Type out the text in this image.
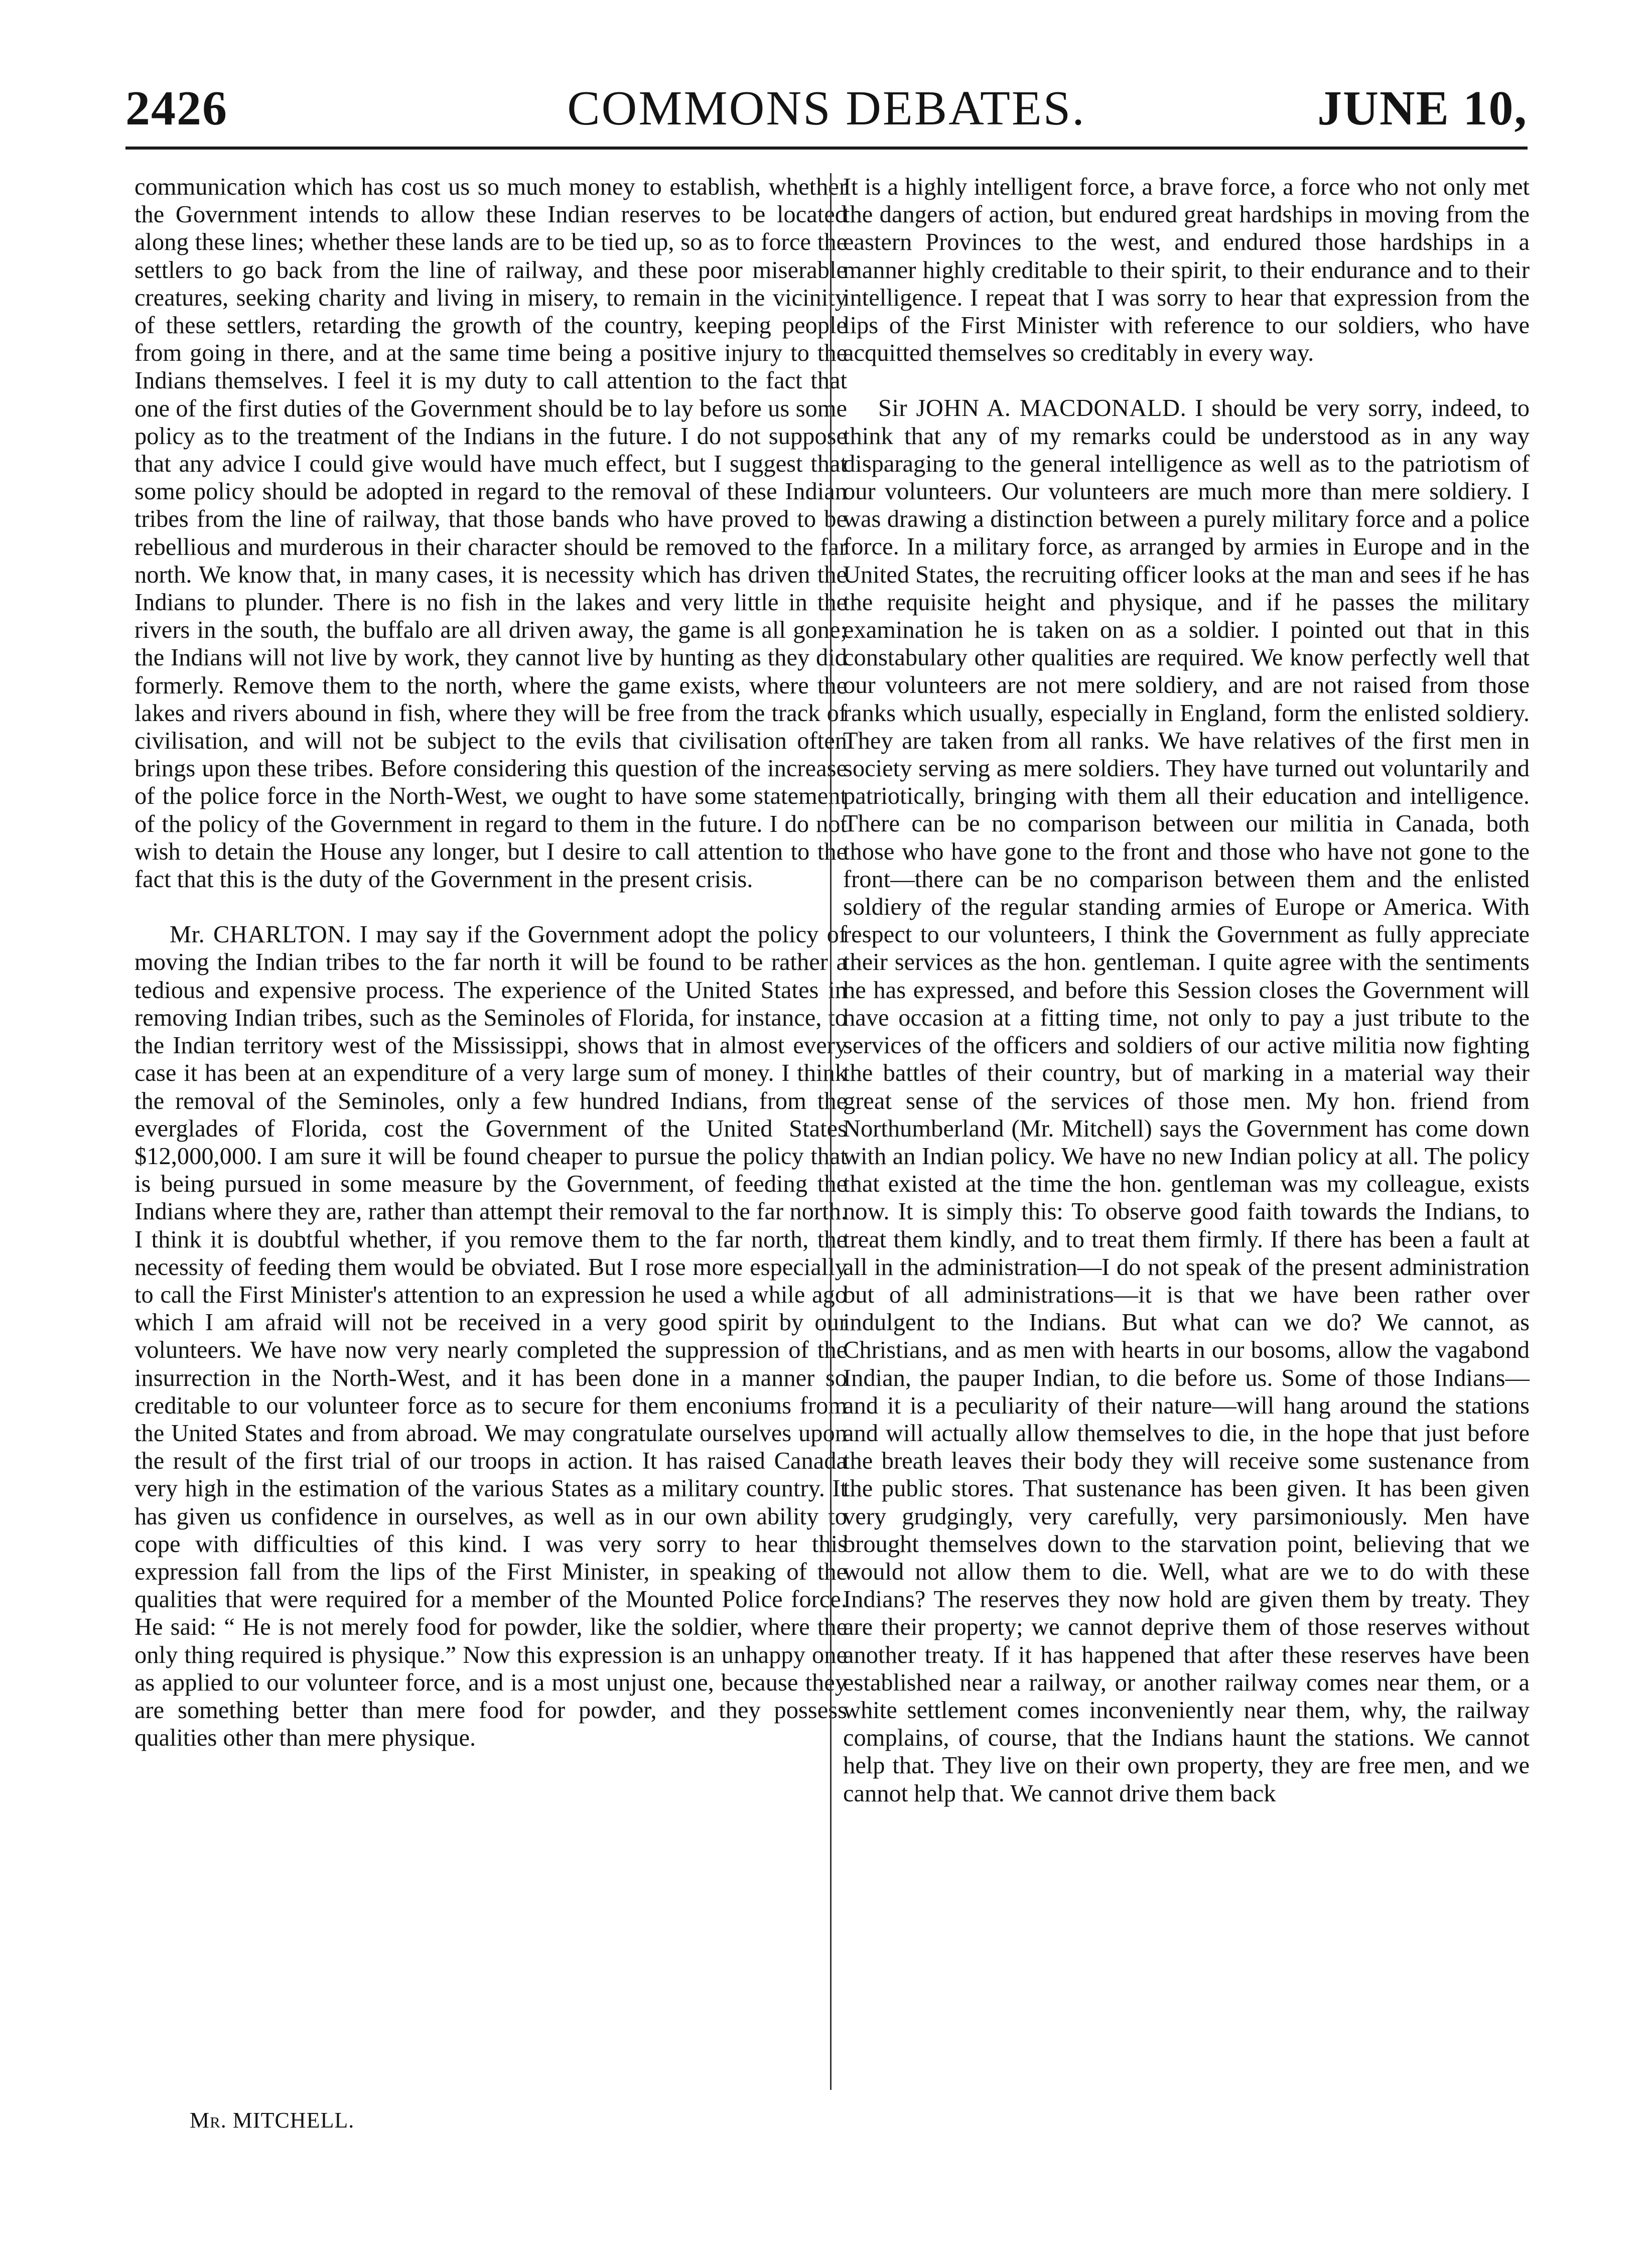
2426	COMMONS DEBATES.	JUNE 10,

communication which has cost us so much money to establish, whether the Government intends to allow these Indian reserves to be located along these lines; whether these lands are to be tied up, so as to force the settlers to go back from the line of railway, and these poor miserable creatures, seeking charity and living in misery, to remain in the vicinity of these settlers, retarding the growth of the country, keeping people from going in there, and at the same time being a positive injury to the Indians themselves. I feel it is my duty to call attention to the fact that one of the first duties of the Government should be to lay before us some policy as to the treatment of the Indians in the future. I do not suppose that any advice I could give would have much effect, but I suggest that some policy should be adopted in regard to the removal of these Indian tribes from the line of railway, that those bands who have proved to be rebellious and murderous in their character should be removed to the far north. We know that, in many cases, it is necessity which has driven the Indians to plunder. There is no fish in the lakes and very little in the rivers in the south, the buffalo are all driven away, the game is all gone; the Indians will not live by work, they cannot live by hunting as they did formerly. Remove them to the north, where the game exists, where the lakes and rivers abound in fish, where they will be free from the track of civilisation, and will not be subject to the evils that civilisation often brings upon these tribes. Before considering this question of the increase of the police force in the North-West, we ought to have some statement of the policy of the Government in regard to them in the future. I do not wish to detain the House any longer, but I desire to call attention to the fact that this is the duty of the Government in the present crisis.

Mr. CHARLTON. I may say if the Government adopt the policy of moving the Indian tribes to the far north it will be found to be rather a tedious and expensive process. The experience of the United States in removing Indian tribes, such as the Seminoles of Florida, for instance, to the Indian territory west of the Mississippi, shows that in almost every case it has been at an expenditure of a very large sum of money. I think the removal of the Seminoles, only a few hundred Indians, from the everglades of Florida, cost the Government of the United States $12,000,000. I am sure it will be found cheaper to pursue the policy that is being pursued in some measure by the Government, of feeding the Indians where they are, rather than attempt their removal to the far north. I think it is doubtful whether, if you remove them to the far north, the necessity of feeding them would be obviated. But I rose more especially to call the First Minister's attention to an expression he used a while ago which I am afraid will not be received in a very good spirit by our volunteers. We have now very nearly completed the suppression of the insurrection in the North-West, and it has been done in a manner so creditable to our volunteer force as to secure for them enconiums from the United States and from abroad. We may congratulate ourselves upon the result of the first trial of our troops in action. It has raised Canada very high in the estimation of the various States as a military country. It has given us confidence in ourselves, as well as in our own ability to cope with difficulties of this kind. I was very sorry to hear this expression fall from the lips of the First Minister, in speaking of the qualities that were required for a member of the Mounted Police force. He said: “ He is not merely food for powder, like the soldier, where the only thing required is physique.” Now this expression is an unhappy one as applied to our volunteer force, and is a most unjust one, because they are something better than mere food for powder, and they possess qualities other than mere physique.

It is a highly intelligent force, a brave force, a force who not only met the dangers of action, but endured great hardships in moving from the eastern Provinces to the west, and endured those hardships in a manner highly creditable to their spirit, to their endurance and to their intelligence. I repeat that I was sorry to hear that expression from the lips of the First Minister with reference to our soldiers, who have acquitted themselves so creditably in every way.

Sir JOHN A. MACDONALD. I should be very sorry, indeed, to think that any of my remarks could be understood as in any way disparaging to the general intelligence as well as to the patriotism of our volunteers. Our volunteers are much more than mere soldiery. I was drawing a distinction between a purely military force and a police force. In a military force, as arranged by armies in Europe and in the United States, the recruiting officer looks at the man and sees if he has the requisite height and physique, and if he passes the military examination he is taken on as a soldier. I pointed out that in this constabulary other qualities are required. We know perfectly well that our volunteers are not mere soldiery, and are not raised from those ranks which usually, especially in England, form the enlisted soldiery. They are taken from all ranks. We have relatives of the first men in society serving as mere soldiers. They have turned out voluntarily and patriotically, bringing with them all their education and intelligence. There can be no comparison between our militia in Canada, both those who have gone to the front and those who have not gone to the front—there can be no comparison between them and the enlisted soldiery of the regular standing armies of Europe or America. With respect to our volunteers, I think the Government as fully appreciate their services as the hon. gentleman. I quite agree with the sentiments he has expressed, and before this Session closes the Government will have occasion at a fitting time, not only to pay a just tribute to the services of the officers and soldiers of our active militia now fighting the battles of their country, but of marking in a material way their great sense of the services of those men. My hon. friend from Northumberland (Mr. Mitchell) says the Government has come down with an Indian policy. We have no new Indian policy at all. The policy that existed at the time the hon. gentleman was my colleague, exists now. It is simply this: To observe good faith towards the Indians, to treat them kindly, and to treat them firmly. If there has been a fault at all in the administration—I do not speak of the present administration but of all administrations—it is that we have been rather over indulgent to the Indians. But what can we do? We cannot, as Christians, and as men with hearts in our bosoms, allow the vagabond Indian, the pauper Indian, to die before us. Some of those Indians—and it is a peculiarity of their nature—will hang around the stations and will actually allow themselves to die, in the hope that just before the breath leaves their body they will receive some sustenance from the public stores. That sustenance has been given. It has been given very grudgingly, very carefully, very parsimoniously. Men have brought themselves down to the starvation point, believing that we would not allow them to die. Well, what are we to do with these Indians? The reserves they now hold are given them by treaty. They are their property; we cannot deprive them of those reserves without another treaty. If it has happened that after these reserves have been established near a railway, or another railway comes near them, or a white settlement comes inconveniently near them, why, the railway complains, of course, that the Indians haunt the stations. We cannot help that. They live on their own property, they are free men, and we cannot help that. We cannot drive them back

Mr. MITCHELL.
